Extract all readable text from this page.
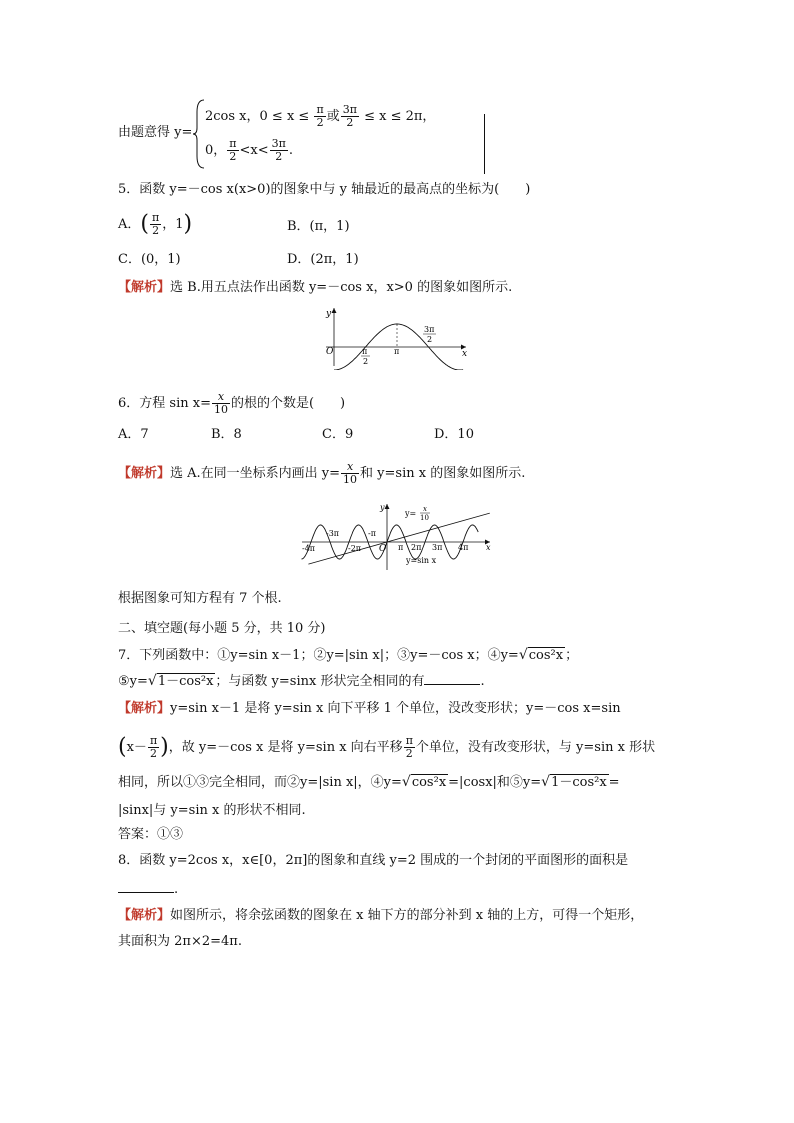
由题意得 y=
2cos x，$0 \le x \le \frac{\pi}{2}$ 或 $\frac{3\pi}{2} \le x \le 2\pi$，
0， $\frac{\pi}{2} <x< \frac{3\pi}{2}$ .
5．函数 y=－cos x(x>0)的图象中与 y 轴最近的最高点的坐标为(　　)
A．( $\frac{\pi}{2}$ ，1)	B．(π，1)
C．(0，1)	D．(2π，1)
【解析】选 B.用五点法作出函数 y=－cos x，x>0 的图象如图所示.
O
y
x
π
2
π
3π
2
6．方程 $\sin x= \frac{x}{10}$ 的根的个数是(　　)
A．7	B．8	C．9	D．10
【解析】选 A.在同一坐标系内画出 $y= \frac{x}{10}$ 和 y=sin x 的图象如图所示.
y
x
O
y= x
10
y=sin x
-4π
-3π
-2π
-π
π 2π 3π 4π
根据图象可知方程有 7 个根.
二、填空题(每小题 5 分，共 10 分)
7．下列函数中：①y=sin x－1；②y=|sin x|；③y=－cos x；④y=√cos²x ；
⑤y=√1－cos²x ；与函数 y=sinx 形状完全相同的有	.
【解析】y=sin x－1 是将 y=sin x 向下平移 1 个单位，没改变形状；y=－cos x=sin
($x- \frac{\pi}{2}$ )，故 y=－cos x 是将 y=sin x 向右平移 $\frac{\pi}{2}$ 个单位，没有改变形状，与 y=sin x 形状
相同，所以①③完全相同，而②y=|sin x|，④y=√cos²x =|cosx|和⑤y=√1－cos²x =
|sinx|与 y=sin x 的形状不相同.
答案：①③
8．函数 y=2cos x，x∈[0，2π]的图象和直线 y=2 围成的一个封闭的平面图形的面积是
.
【解析】如图所示，将余弦函数的图象在 x 轴下方的部分补到 x 轴的上方，可得一个矩形，
其面积为 2π×2=4π.
